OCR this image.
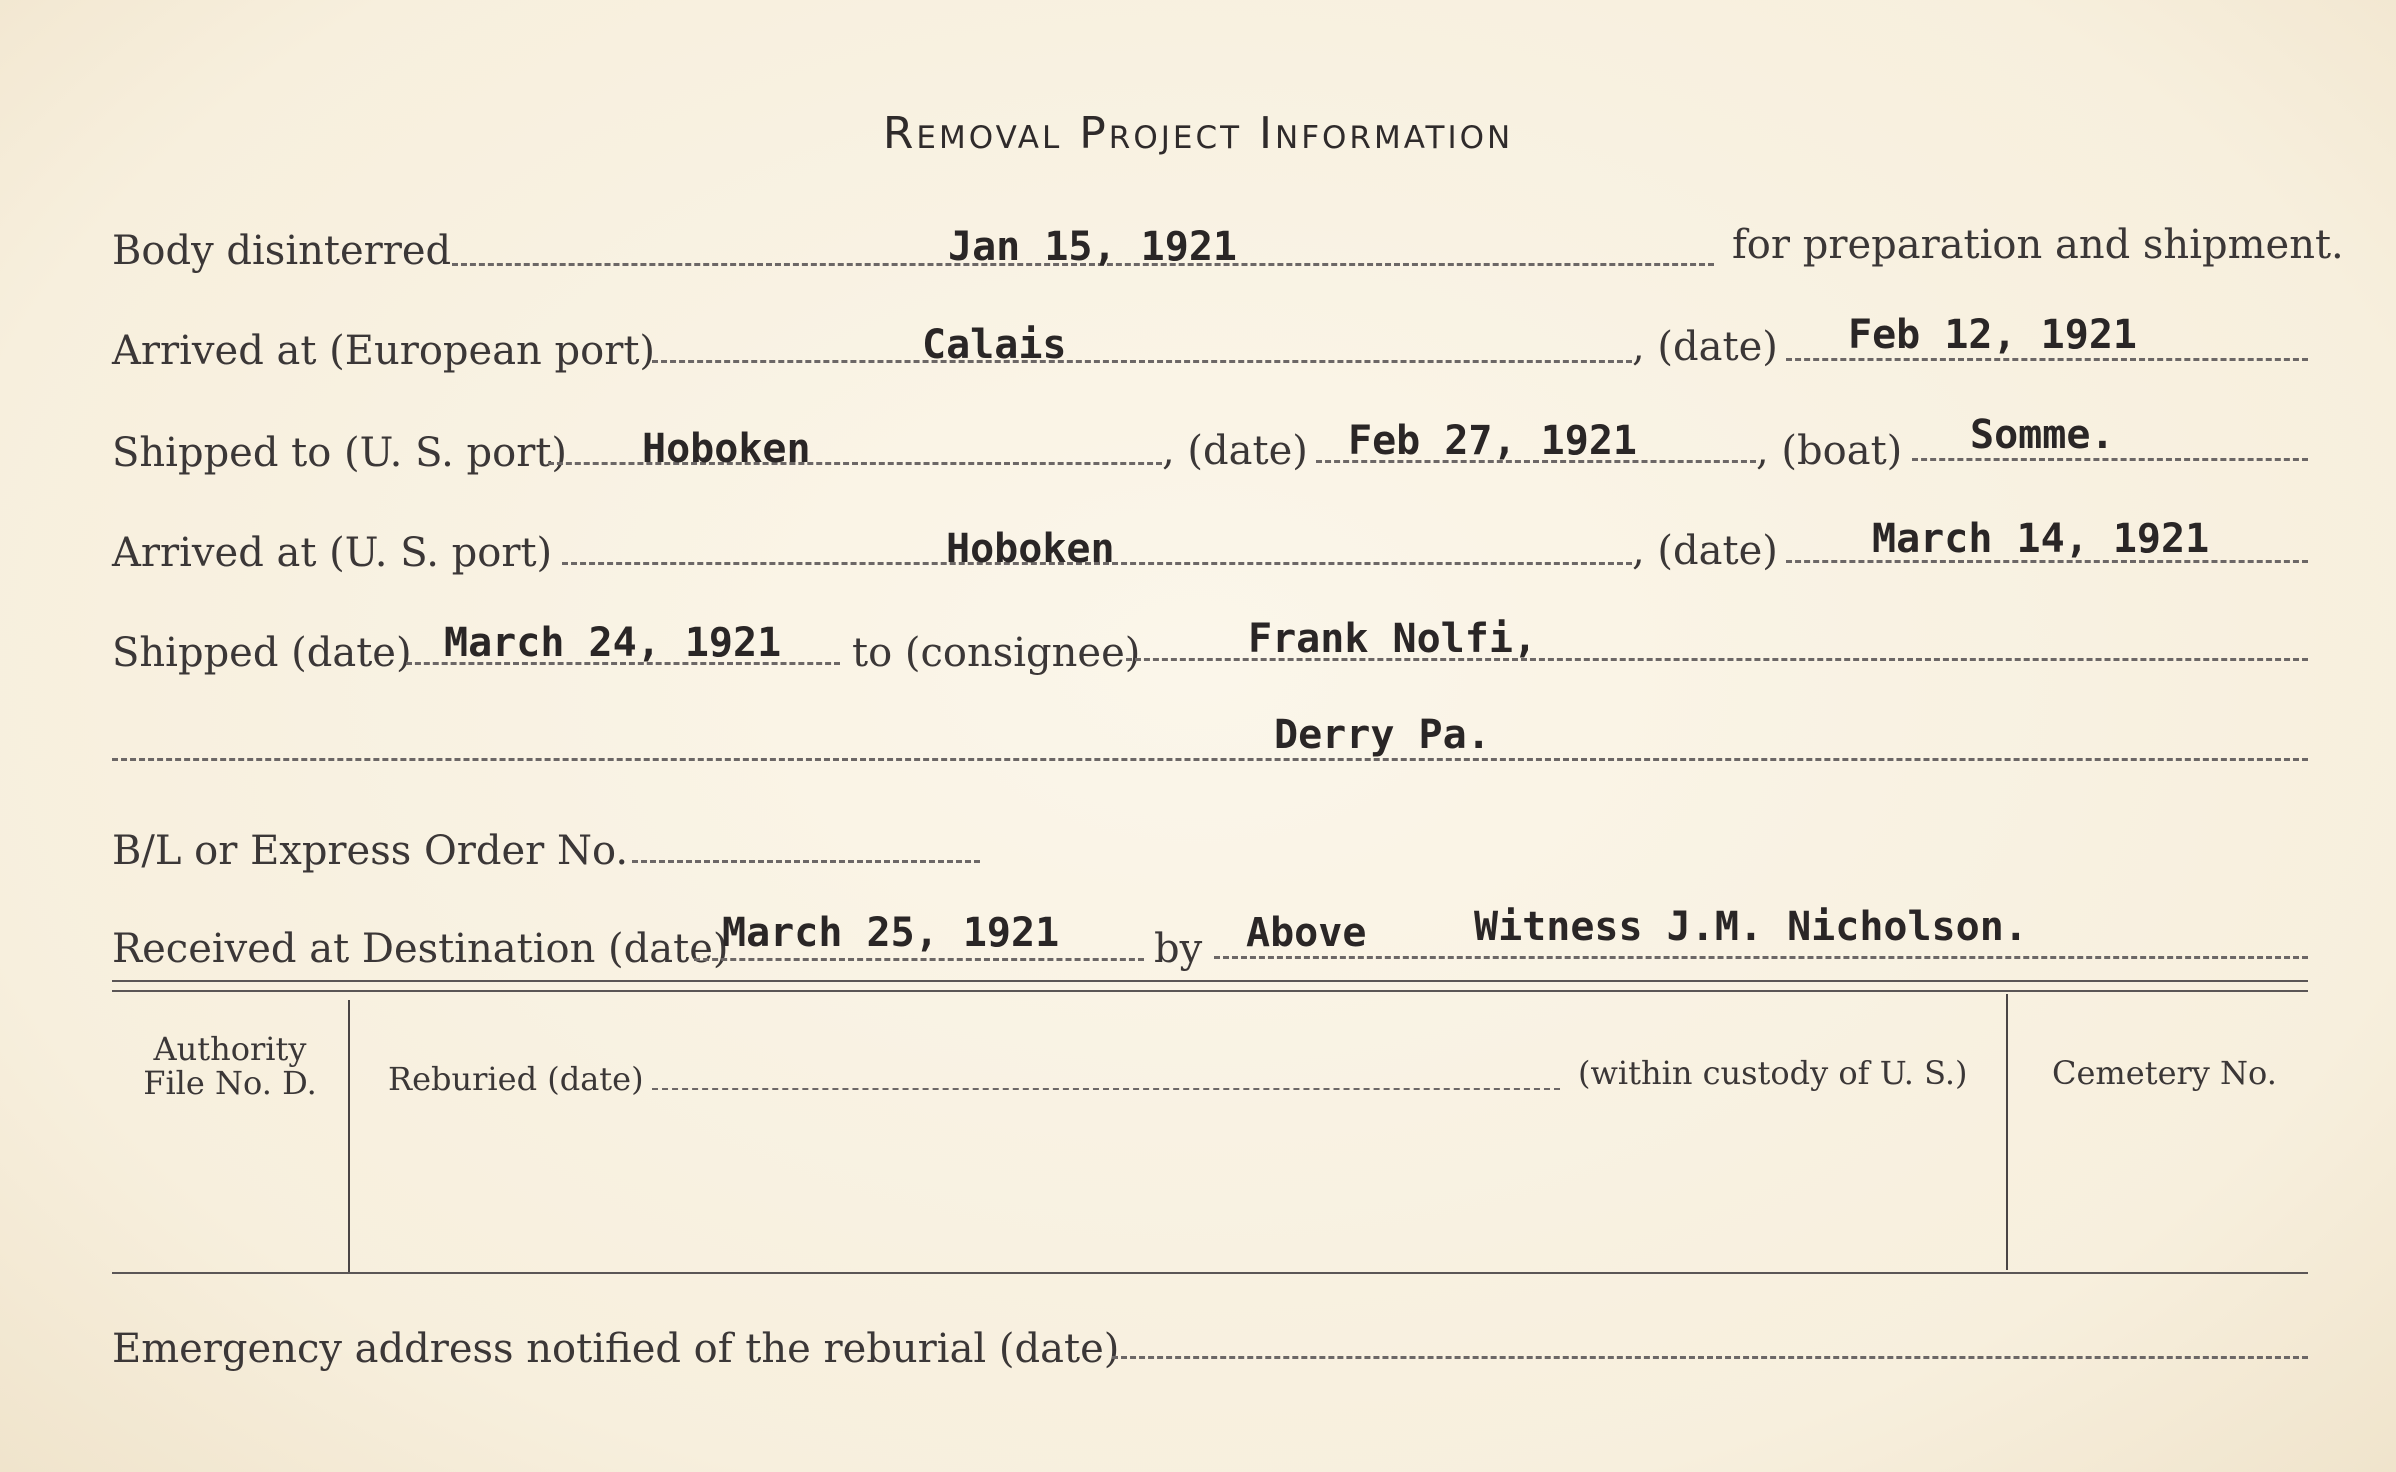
Removal Project Information
Body disinterred	Jan 15, 1921	for preparation and shipment.
Arrived at (European port)	Calais	, (date) Feb 12, 1921
Shipped to (U. S. port) Hoboken	, (date) Feb 27, 1921	, (boat) Somme.
Arrived at (U. S. port)	Hoboken	, (date) March 14, 1921
Shipped (date) March 24, 1921 to (consignee)	Frank Nolfi,
Derry Pa.
B/L or Express Order No.
Received at Destination (date)
March 25, 1921 by Above	Witness J.M. Nicholson.
Authority
File No. D.	Reburied (date)	(within custody of U. S.)	Cemetery No.
Emergency address notified of the reburial (date)
